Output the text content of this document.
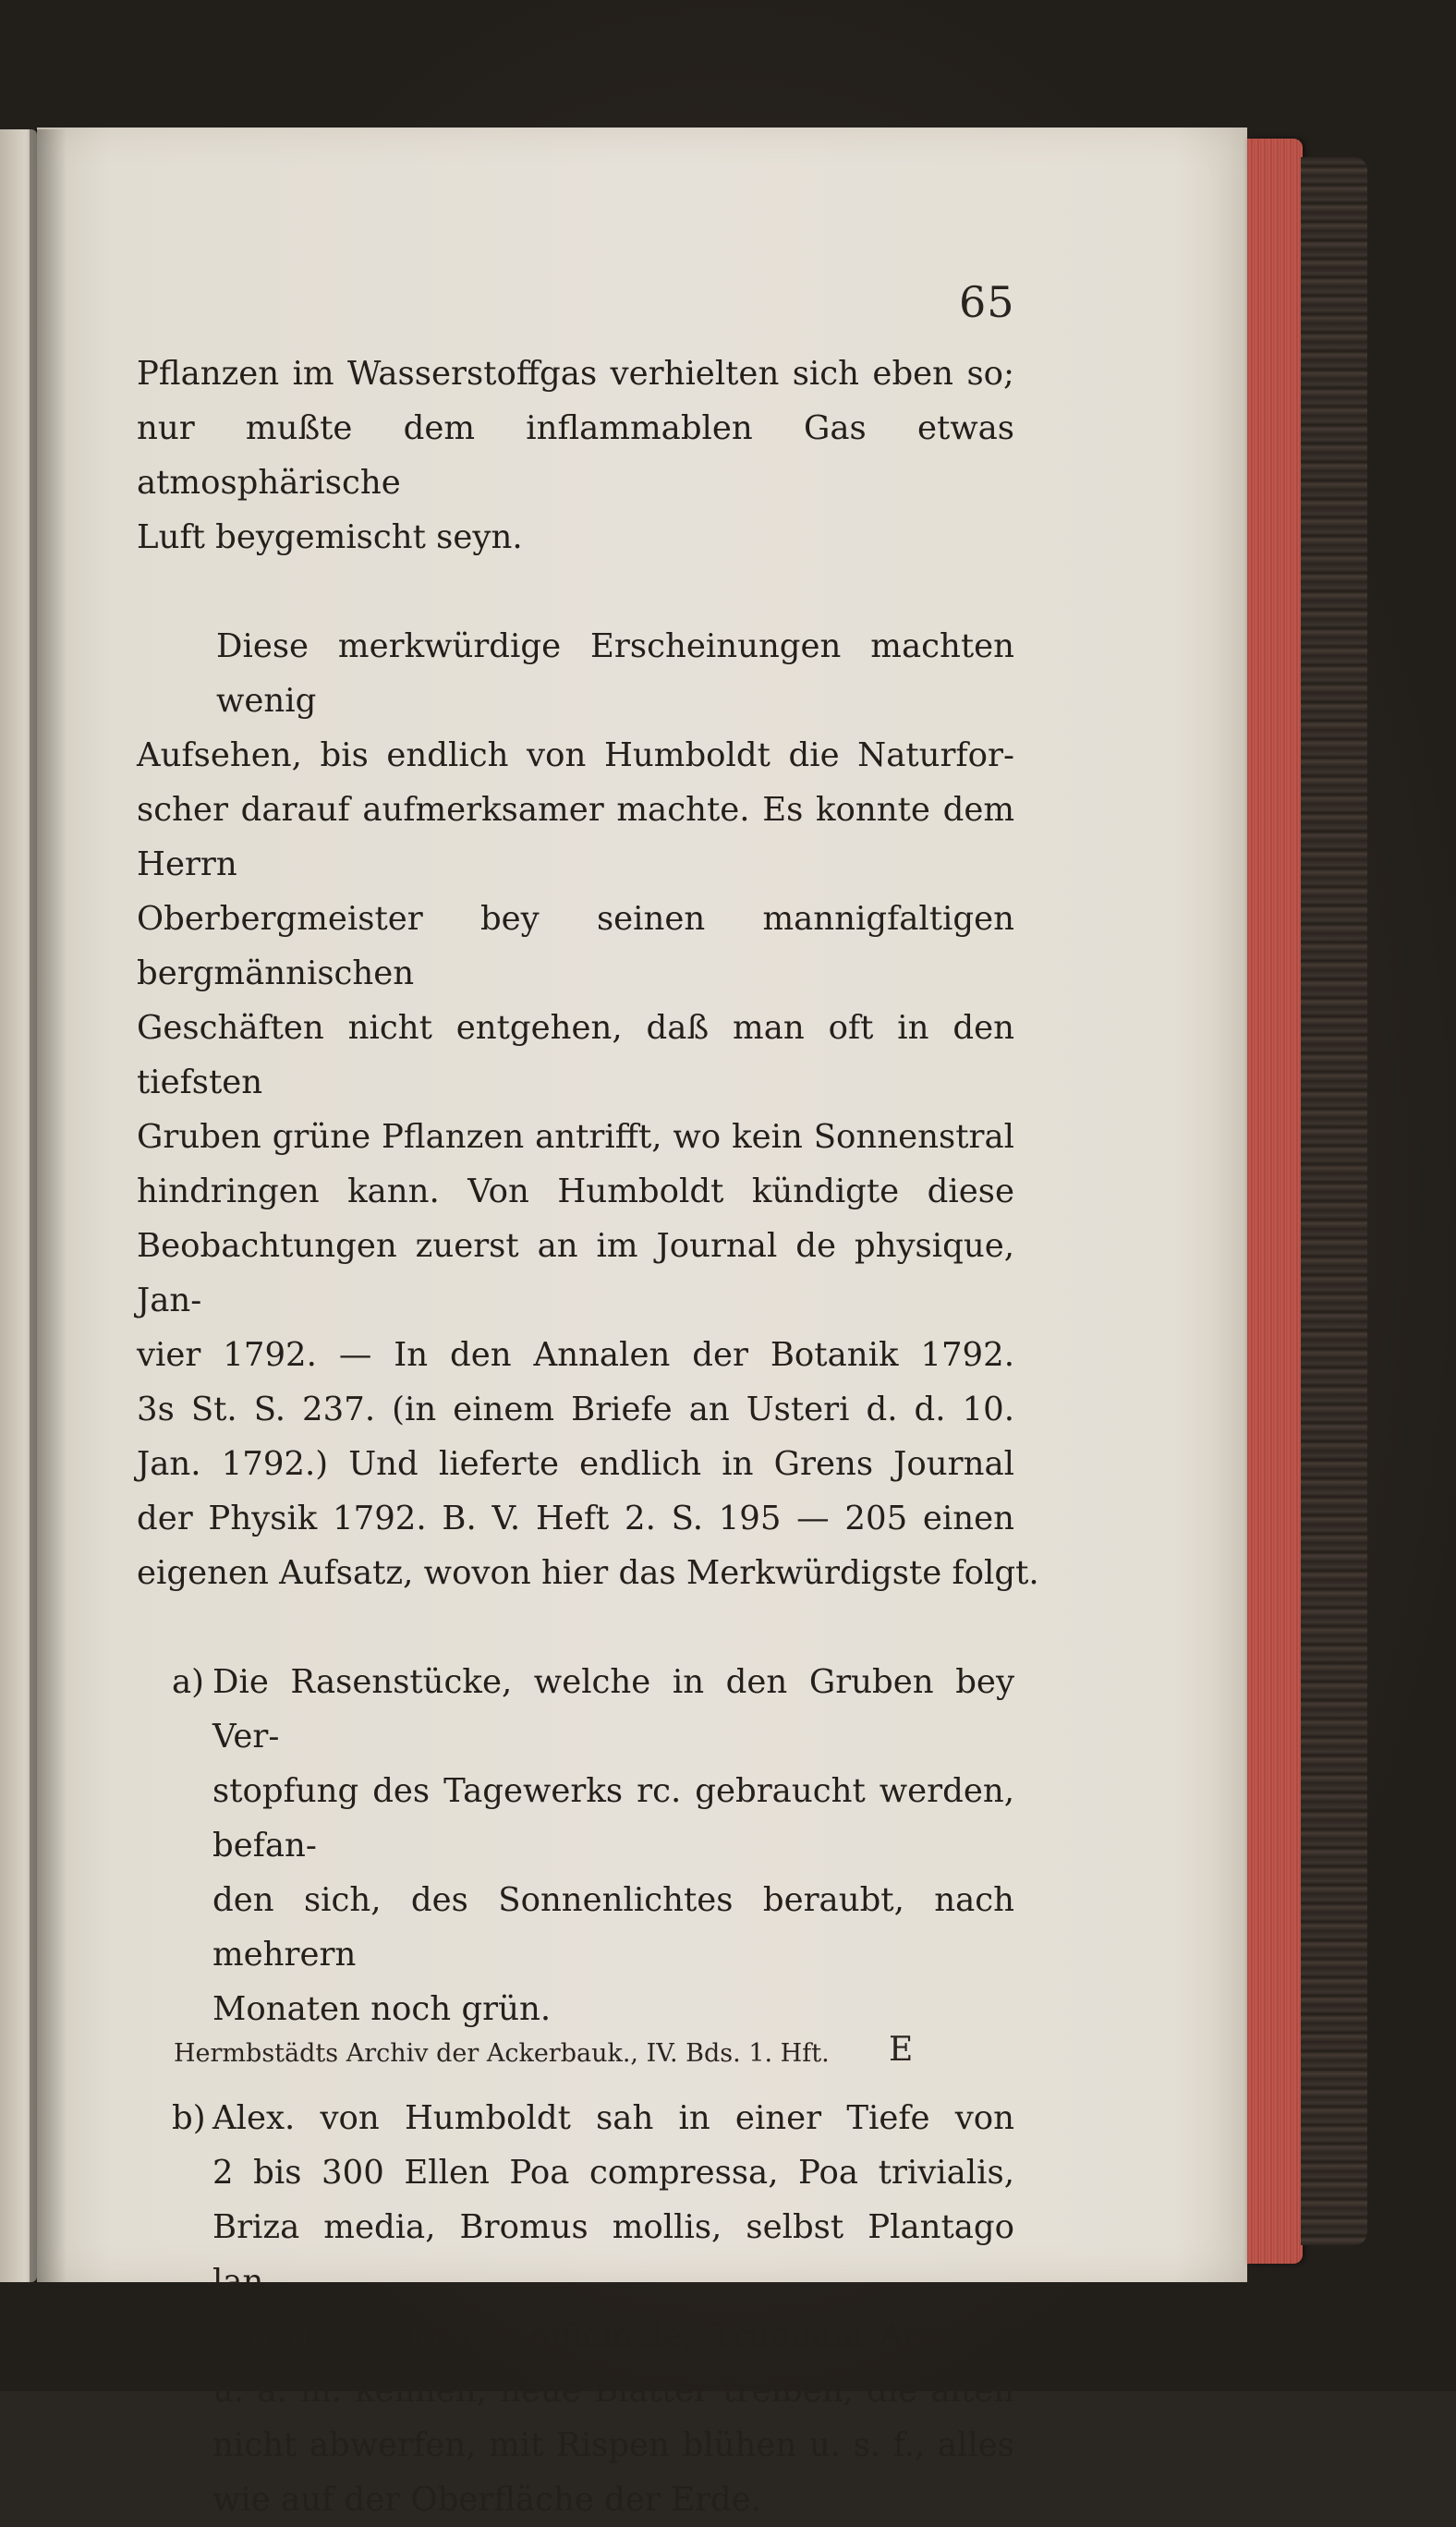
65

Pflanzen im Wasserstoffgas verhielten sich eben so;
nur mußte dem inflammablen Gas etwas atmosphärische
Luft beygemischt seyn.

Diese merkwürdige Erscheinungen machten wenig
Aufsehen, bis endlich von Humboldt die Naturfor-
scher darauf aufmerksamer machte. Es konnte dem Herrn
Oberbergmeister bey seinen mannigfaltigen bergmännischen
Geschäften nicht entgehen, daß man oft in den tiefsten
Gruben grüne Pflanzen antrifft, wo kein Sonnenstral
hindringen kann. Von Humboldt kündigte diese
Beobachtungen zuerst an im Journal de physique, Jan-
vier 1792. — In den Annalen der Botanik 1792.
3s St. S. 237. (in einem Briefe an Usteri d. d. 10.
Jan. 1792.) Und lieferte endlich in Grens Journal
der Physik 1792. B. V. Heft 2. S. 195 — 205 einen
eigenen Aufsatz, wovon hier das Merkwürdigste folgt.

a) Die Rasenstücke, welche in den Gruben bey Ver-
stopfung des Tagewerks rc. gebraucht werden, befan-
den sich, des Sonnenlichtes beraubt, nach mehrern
Monaten noch grün.
b) Alex. von Humboldt sah in einer Tiefe von
2 bis 300 Ellen Poa compressa, Poa trivialis,
Briza media, Bromus mollis, selbst Plantago lan-
ceolata, Trifolium officinale, Trifolium Arvense
u. a. m. keimen, neue Blätter treiben, die alten
nicht abwerfen, mit Rispen blühen u. s. f., alles
wie auf der Oberfläche der Erde.
Hermbstädts Archiv der Ackerbauk., IV. Bds. 1. Hft.	E
